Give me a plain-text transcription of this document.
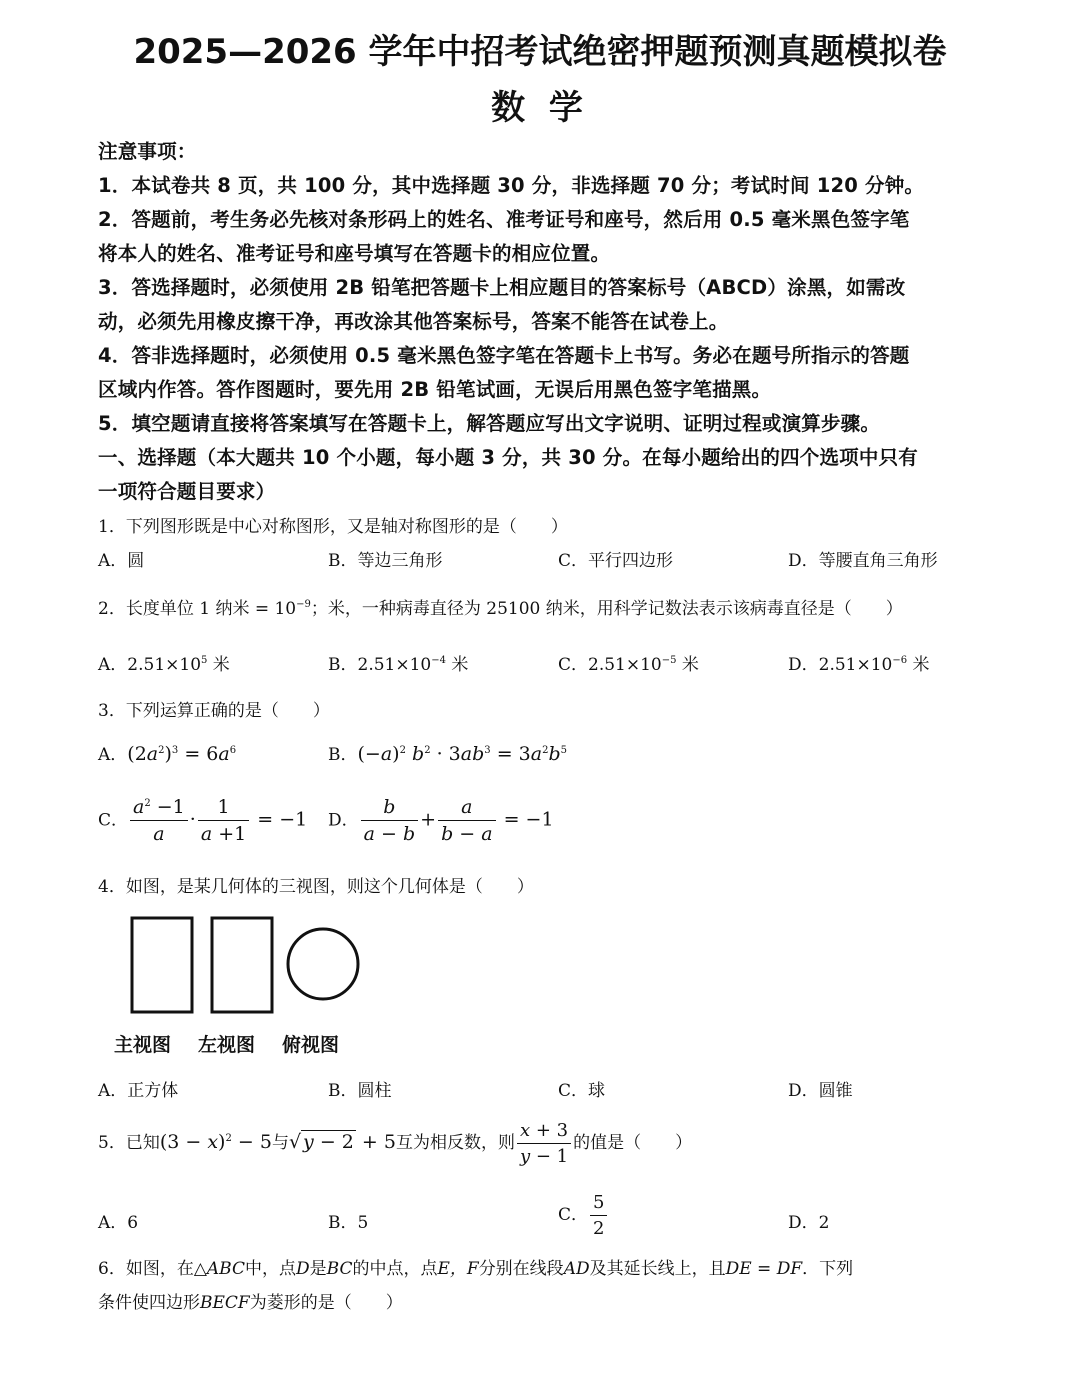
2025—2026 学年中招考试绝密押题预测真题模拟卷
数 学
注意事项：
1．本试卷共 8 页，共 100 分，其中选择题 30 分，非选择题 70 分；考试时间 120 分钟。
2．答题前，考生务必先核对条形码上的姓名、准考证号和座号，然后用 0.5 毫米黑色签字笔
将本人的姓名、准考证号和座号填写在答题卡的相应位置。
3．答选择题时，必须使用 2B 铅笔把答题卡上相应题目的答案标号（ABCD）涂黑，如需改
动，必须先用橡皮擦干净，再改涂其他答案标号，答案不能答在试卷上。
4．答非选择题时，必须使用 0.5 毫米黑色签字笔在答题卡上书写。务必在题号所指示的答题
区域内作答。答作图题时，要先用 2B 铅笔试画，无误后用黑色签字笔描黑。
5．填空题请直接将答案填写在答题卡上，解答题应写出文字说明、证明过程或演算步骤。
一、选择题（本大题共 10 个小题，每小题 3 分，共 30 分。在每小题给出的四个选项中只有
一项符合题目要求）
1．下列图形既是中心对称图形，又是轴对称图形的是（　　）
A．圆	B．等边三角形	C．平行四边形	D．等腰直角三角形
2．长度单位 1 纳米 = $10^{-9}$；米，一种病毒直径为 25100 纳米，用科学记数法表示该病毒直径是（　　）
A．$2.51\times 10^5$ 米	B．$2.51\times 10^{-4}$ 米	C．$2.51\times 10^{-5}$ 米	D．$2.51\times 10^{-6}$ 米
3．下列运算正确的是（　　）
A．$(2a^2)^3 = 6a^6$	B．$(-a)^2$ $b^2 \cdot 3ab^3 = 3a^2b^5$
C． $\frac{a^2 -1}{a} \cdot \frac{1}{a +1} = -1$ D． $\frac{b}{a - b} + \frac{a}{b - a} = -1$
4．如图，是某几何体的三视图，则这个几何体是（　　）
主视图 左视图 俯视图
A．正方体	B．圆柱	C．球	D．圆锥
5．已知$(3 - x)^2 - 5$与√ y − 2 + 5互为相反数，则 $\frac{x + 3}{y - 1}$ 的值是（　　）
A．6	B．5	C． $\frac{5}{2}$	D．2
6．如图，在△ABC中，点D是BC的中点，点E，F分别在线段AD及其延长线上，且DE = DF．下列
条件使四边形BECF为菱形的是（　　）
